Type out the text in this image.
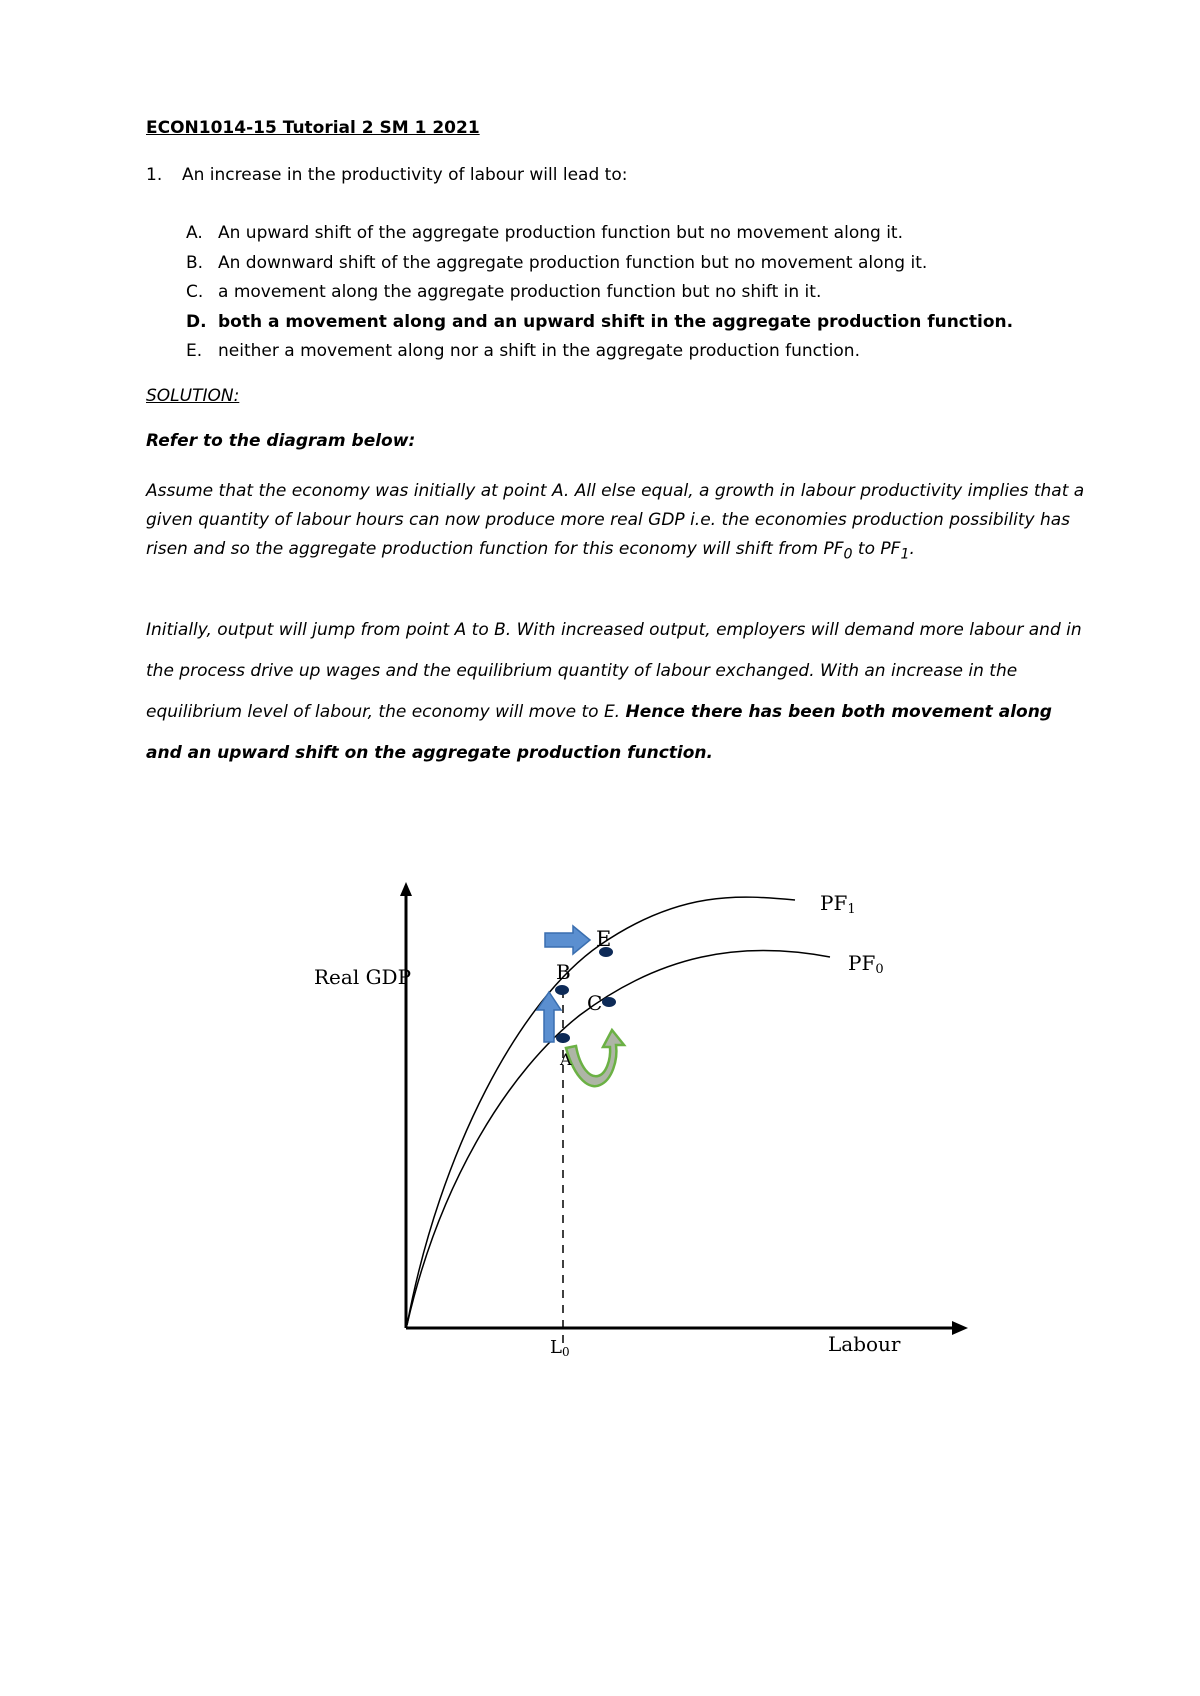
ECON1014-15 Tutorial 2 SM 1 2021
1. An increase in the productivity of labour will lead to:
A. An upward shift of the aggregate production function but no movement along it.
B. An downward shift of the aggregate production function but no movement along it.
C. a movement along the aggregate production function but no shift in it.
D. both a movement along and an upward shift in the aggregate production function.
E. neither a movement along nor a shift in the aggregate production function.
SOLUTION:
Refer to the diagram below:
Assume that the economy was initially at point A. All else equal, a growth in labour productivity implies that a given quantity of labour hours can now produce more real GDP i.e. the economies production possibility has risen and so the aggregate production function for this economy will shift from $PF_0$ to $PF_1$.
Initially, output will jump from point A to B. With increased output, employers will demand more labour and in the process drive up wages and the equilibrium quantity of labour exchanged. With an increase in the equilibrium level of labour, the economy will move to E. Hence there has been both movement along and an upward shift on the aggregate production function.
Real GDP
Labour
L0
PF1
PF0
E
B
C
A
